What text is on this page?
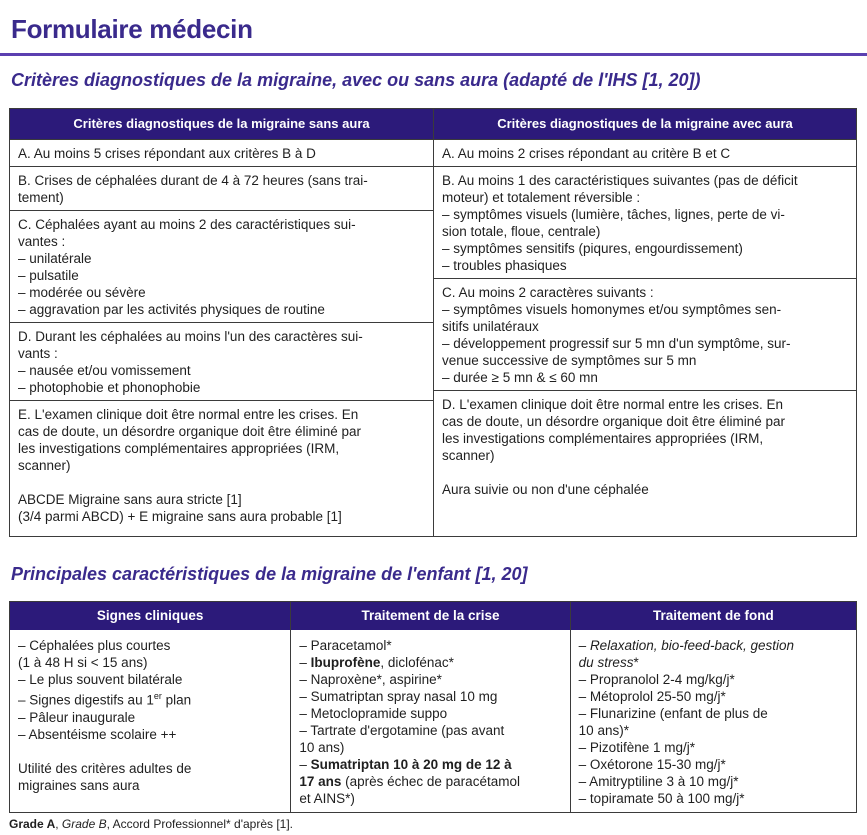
Formulaire médecin
Critères diagnostiques de la migraine, avec ou sans aura (adapté de l'IHS [1, 20])
Critères diagnostiques de la migraine sans aura
A. Au moins 5 crises répondant aux critères B à D
B. Crises de céphalées durant de 4 à 72 heures (sans trai-
tement)
C. Céphalées ayant au moins 2 des caractéristiques sui-
vantes :
– unilatérale
– pulsatile
– modérée ou sévère
– aggravation par les activités physiques de routine
D. Durant les céphalées au moins l'un des caractères sui-
vants :
– nausée et/ou vomissement
– photophobie et phonophobie
E. L'examen clinique doit être normal entre les crises. En
cas de doute, un désordre organique doit être éliminé par
les investigations complémentaires appropriées (IRM,
scanner)
ABCDE Migraine sans aura stricte [1]
(3/4 parmi ABCD) + E migraine sans aura probable [1]
Critères diagnostiques de la migraine avec aura
A. Au moins 2 crises répondant au critère B et C
B. Au moins 1 des caractéristiques suivantes (pas de déficit
moteur) et totalement réversible :
– symptômes visuels (lumière, tâches, lignes, perte de vi-
sion totale, floue, centrale)
– symptômes sensitifs (piqures, engourdissement)
– troubles phasiques
C. Au moins 2 caractères suivants :
– symptômes visuels homonymes et/ou symptômes sen-
sitifs unilatéraux
– développement progressif sur 5 mn d'un symptôme, sur-
venue successive de symptômes sur 5 mn
– durée ≥ 5 mn & ≤ 60 mn
D. L'examen clinique doit être normal entre les crises. En
cas de doute, un désordre organique doit être éliminé par
les investigations complémentaires appropriées (IRM,
scanner)
Aura suivie ou non d'une céphalée
Principales caractéristiques de la migraine de l'enfant [1, 20]
Signes cliniques
– Céphalées plus courtes
(1 à 48 H si < 15 ans)
– Le plus souvent bilatérale
– Signes digestifs au 1er plan
– Pâleur inaugurale
– Absentéisme scolaire ++
Utilité des critères adultes de
migraines sans aura
Traitement de la crise
– Paracetamol*
– Ibuprofène, diclofénac*
– Naproxène*, aspirine*
– Sumatriptan spray nasal 10 mg
– Metoclopramide suppo
– Tartrate d'ergotamine (pas avant
10 ans)
– Sumatriptan 10 à 20 mg de 12 à
17 ans (après échec de paracétamol
et AINS*)
Traitement de fond
– Relaxation, bio-feed-back, gestion
du stress*
– Propranolol 2-4 mg/kg/j*
– Métoprolol 25-50 mg/j*
– Flunarizine (enfant de plus de
10 ans)*
– Pizotifène 1 mg/j*
– Oxétorone 15-30 mg/j*
– Amitryptiline 3 à 10 mg/j*
– topiramate 50 à 100 mg/j*
Grade A, Grade B, Accord Professionnel* d'après [1].
